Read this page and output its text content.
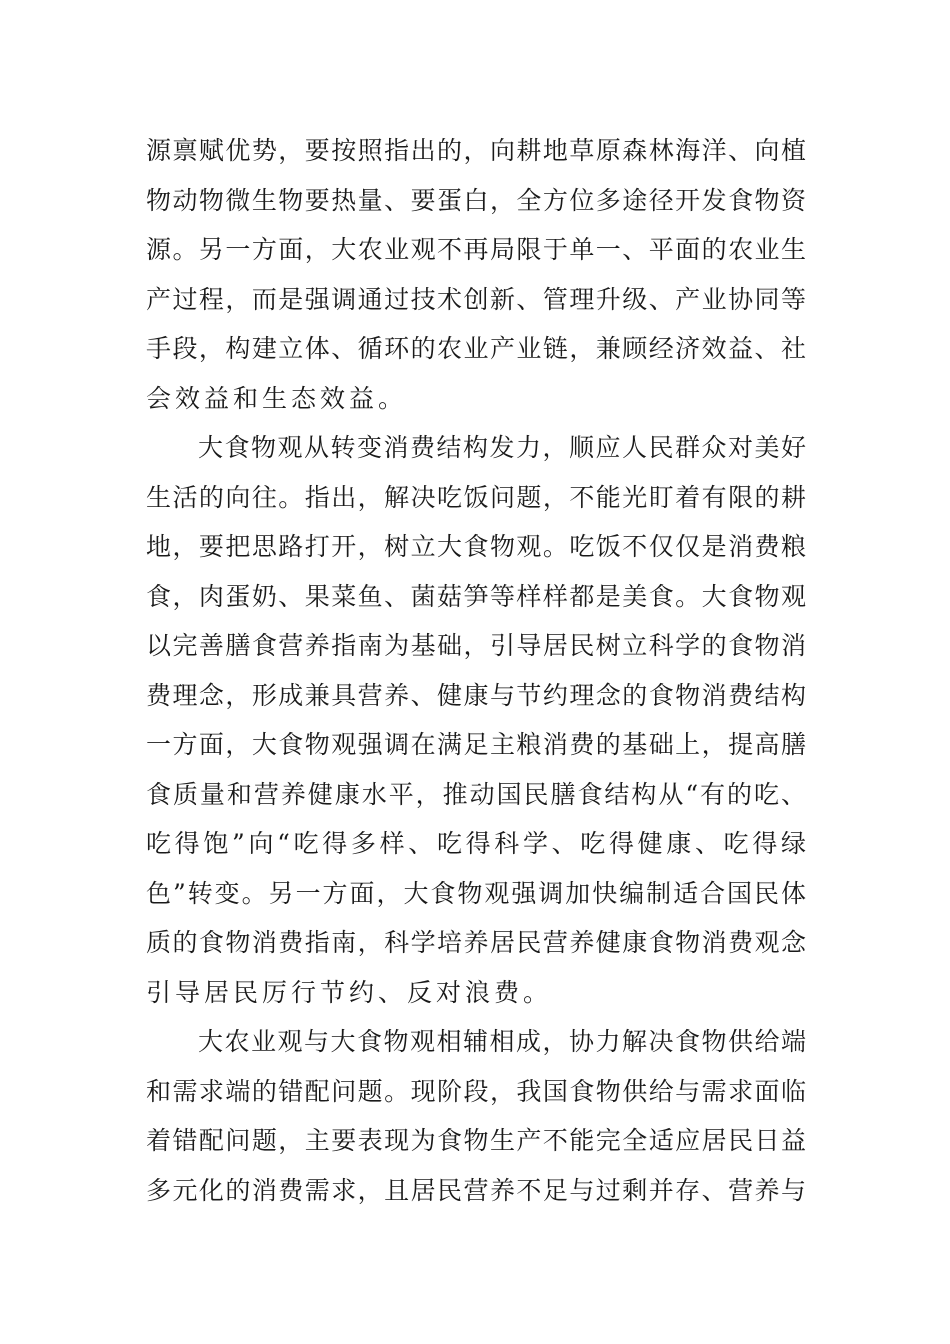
源禀赋优势，要按照指出的，向耕地草原森林海洋、向植
物动物微生物要热量、要蛋白，全方位多途径开发食物资
源。另一方面，大农业观不再局限于单一、平面的农业生
产过程，而是强调通过技术创新、管理升级、产业协同等
手段，构建立体、循环的农业产业链，兼顾经济效益、社
会效益和生态效益。
大食物观从转变消费结构发力，顺应人民群众对美好
生活的向往。指出，解决吃饭问题，不能光盯着有限的耕
地，要把思路打开，树立大食物观。吃饭不仅仅是消费粮
食，肉蛋奶、果菜鱼、菌菇笋等样样都是美食。大食物观
以完善膳食营养指南为基础，引导居民树立科学的食物消
费理念，形成兼具营养、健康与节约理念的食物消费结构
一方面，大食物观强调在满足主粮消费的基础上，提高膳
食质量和营养健康水平，推动国民膳食结构从“有的吃、
吃得饱”向“吃得多样、吃得科学、吃得健康、吃得绿
色”转变。另一方面，大食物观强调加快编制适合国民体
质的食物消费指南，科学培养居民营养健康食物消费观念
引导居民厉行节约、反对浪费。
大农业观与大食物观相辅相成，协力解决食物供给端
和需求端的错配问题。现阶段，我国食物供给与需求面临
着错配问题，主要表现为食物生产不能完全适应居民日益
多元化的消费需求，且居民营养不足与过剩并存、营养与
